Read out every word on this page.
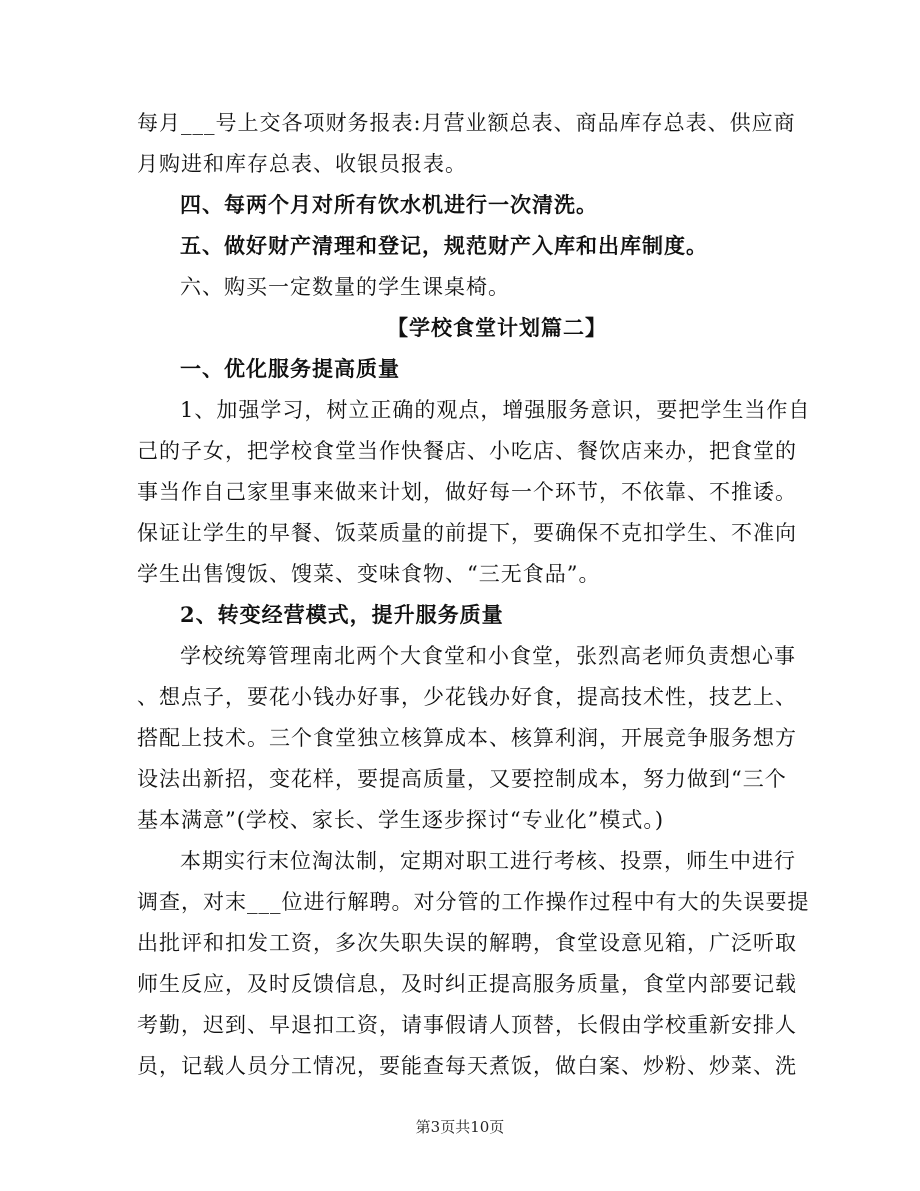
每月___号上交各项财务报表:月营业额总表、商品库存总表、供应商
月购进和库存总表、收银员报表。
四、每两个月对所有饮水机进行一次清洗。
五、做好财产清理和登记，规范财产入库和出库制度。
六、购买一定数量的学生课桌椅。
【学校食堂计划篇二】
一、优化服务提高质量
1、加强学习，树立正确的观点，增强服务意识，要把学生当作自
己的子女，把学校食堂当作快餐店、小吃店、餐饮店来办，把食堂的
事当作自己家里事来做来计划，做好每一个环节，不依靠、不推诿。
保证让学生的早餐、饭菜质量的前提下，要确保不克扣学生、不准向
学生出售馊饭、馊菜、变味食物、“三无食品”。
2、转变经营模式，提升服务质量
学校统筹管理南北两个大食堂和小食堂，张烈高老师负责想心事
、想点子，要花小钱办好事，少花钱办好食，提高技术性，技艺上、
搭配上技术。三个食堂独立核算成本、核算利润，开展竞争服务想方
设法出新招，变花样，要提高质量，又要控制成本，努力做到“三个
基本满意”(学校、家长、学生逐步探讨“专业化”模式。)
本期实行末位淘汰制，定期对职工进行考核、投票，师生中进行
调查，对末___位进行解聘。对分管的工作操作过程中有大的失误要提
出批评和扣发工资，多次失职失误的解聘，食堂设意见箱，广泛听取
师生反应，及时反馈信息，及时纠正提高服务质量，食堂内部要记载
考勤，迟到、早退扣工资，请事假请人顶替，长假由学校重新安排人
员，记载人员分工情况，要能查每天煮饭，做白案、炒粉、炒菜、洗
第3页共10页
